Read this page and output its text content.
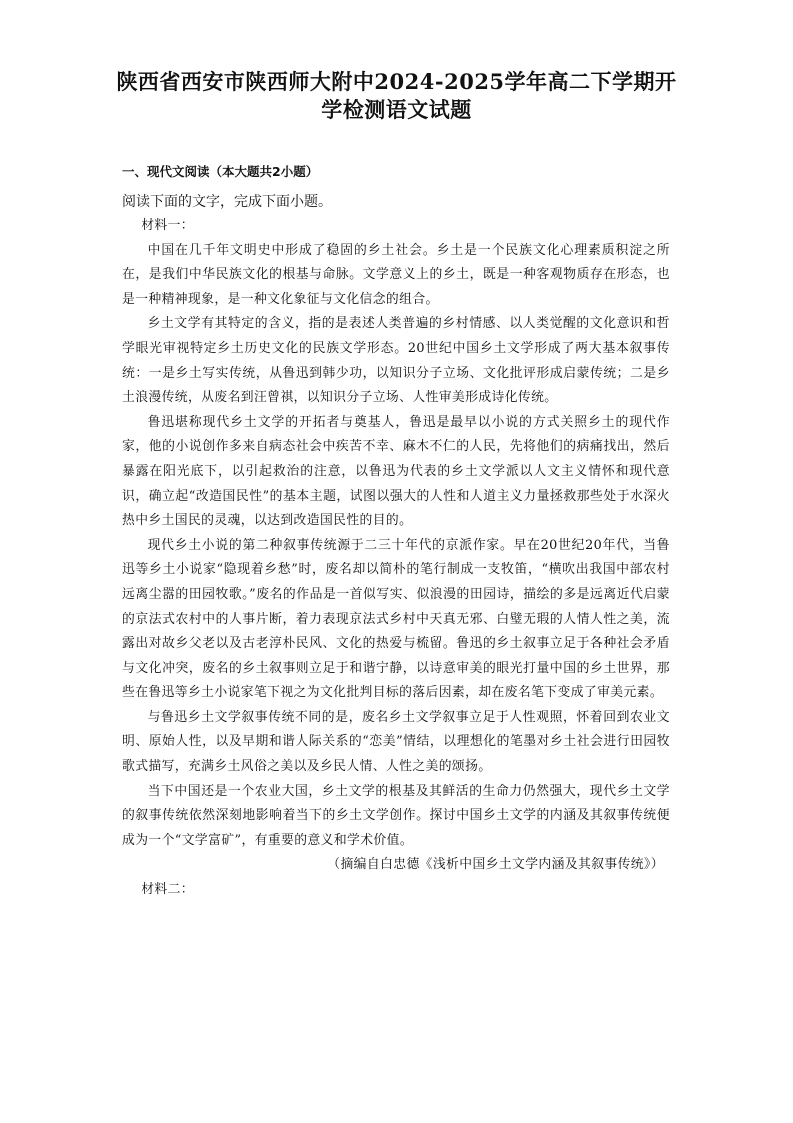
陕西省西安市陕西师大附中2024-2025学年高二下学期开
学检测语文试题
一、现代文阅读（本大题共2小题）
阅读下面的文字，完成下面小题。

材料一：

中国在几千年文明史中形成了稳固的乡土社会。乡土是一个民族文化心理素质积淀之所在，是我们中华民族文化的根基与命脉。文学意义上的乡土，既是一种客观物质存在形态，也是一种精神现象，是一种文化象征与文化信念的组合。

乡土文学有其特定的含义，指的是表述人类普遍的乡村情感、以人类觉醒的文化意识和哲学眼光审视特定乡土历史文化的民族文学形态。20世纪中国乡土文学形成了两大基本叙事传统：一是乡土写实传统，从鲁迅到韩少功，以知识分子立场、文化批评形成启蒙传统；二是乡土浪漫传统，从废名到汪曾祺，以知识分子立场、人性审美形成诗化传统。

鲁迅堪称现代乡土文学的开拓者与奠基人，鲁迅是最早以小说的方式关照乡土的现代作家，他的小说创作多来自病态社会中疾苦不幸、麻木不仁的人民，先将他们的病痛找出，然后暴露在阳光底下，以引起救治的注意，以鲁迅为代表的乡土文学派以人文主义情怀和现代意识，确立起“改造国民性”的基本主题，试图以强大的人性和人道主义力量拯救那些处于水深火热中乡土国民的灵魂，以达到改造国民性的目的。

现代乡土小说的第二种叙事传统源于二三十年代的京派作家。早在20世纪20年代，当鲁迅等乡土小说家“隐现着乡愁”时，废名却以简朴的笔行制成一支牧笛，“横吹出我国中部农村远离尘嚣的田园牧歌。”废名的作品是一首似写实、似浪漫的田园诗，描绘的多是远离近代启蒙的京法式农村中的人事片断，着力表现京法式乡村中天真无邪、白璧无瑕的人情人性之美，流露出对故乡父老以及古老淳朴民风、文化的热爱与梳留。鲁迅的乡土叙事立足于各种社会矛盾与文化冲突，废名的乡土叙事则立足于和谐宁静，以诗意审美的眼光打量中国的乡土世界，那些在鲁迅等乡土小说家笔下视之为文化批判目标的落后因素，却在废名笔下变成了审美元素。

与鲁迅乡土文学叙事传统不同的是，废名乡土文学叙事立足于人性观照，怀着回到农业文明、原始人性，以及早期和谐人际关系的“恋美”情结，以理想化的笔墨对乡土社会进行田园牧歌式描写，充满乡土风俗之美以及乡民人情、人性之美的颂扬。

当下中国还是一个农业大国，乡土文学的根基及其鲜活的生命力仍然强大，现代乡土文学的叙事传统依然深刻地影响着当下的乡土文学创作。探讨中国乡土文学的内涵及其叙事传统便成为一个“文学富矿”，有重要的意义和学术价值。

（摘编自白忠德《浅析中国乡土文学内涵及其叙事传统》）

材料二：
